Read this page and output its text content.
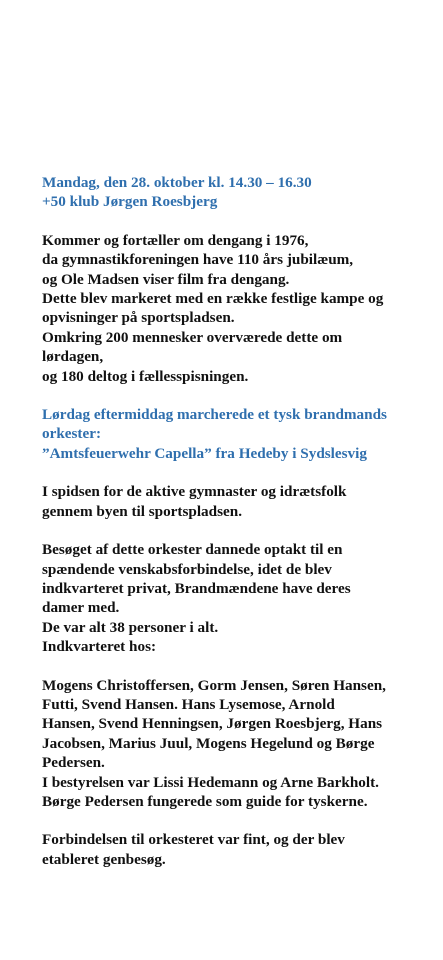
Mandag, den 28. oktober kl. 14.30 – 16.30
+50 klub Jørgen Roesbjerg
Kommer og fortæller om dengang i 1976,
da gymnastikforeningen have 110 års jubilæum,
og Ole Madsen viser film fra dengang.
Dette blev markeret med en række festlige kampe og
opvisninger på sportspladsen.
Omkring 200 mennesker overværede dette om
lørdagen,
og 180 deltog i fællesspisningen.
Lørdag eftermiddag marcherede et tysk brandmands
orkester:
”Amtsfeuerwehr Capella” fra Hedeby i Sydslesvig
I spidsen for de aktive gymnaster og idrætsfolk
gennem byen til sportspladsen.
Besøget af dette orkester dannede optakt til en
spændende venskabsforbindelse, idet de blev
indkvarteret privat, Brandmændene have deres
damer med.
De var alt 38 personer i alt.
Indkvarteret hos:
Mogens Christoffersen, Gorm Jensen, Søren Hansen,
Futti, Svend Hansen. Hans Lysemose, Arnold
Hansen, Svend Henningsen, Jørgen Roesbjerg, Hans
Jacobsen, Marius Juul, Mogens Hegelund og Børge
Pedersen.
I bestyrelsen var Lissi Hedemann og Arne Barkholt.
Børge Pedersen fungerede som guide for tyskerne.
Forbindelsen til orkesteret var fint, og der blev
etableret genbesøg.
